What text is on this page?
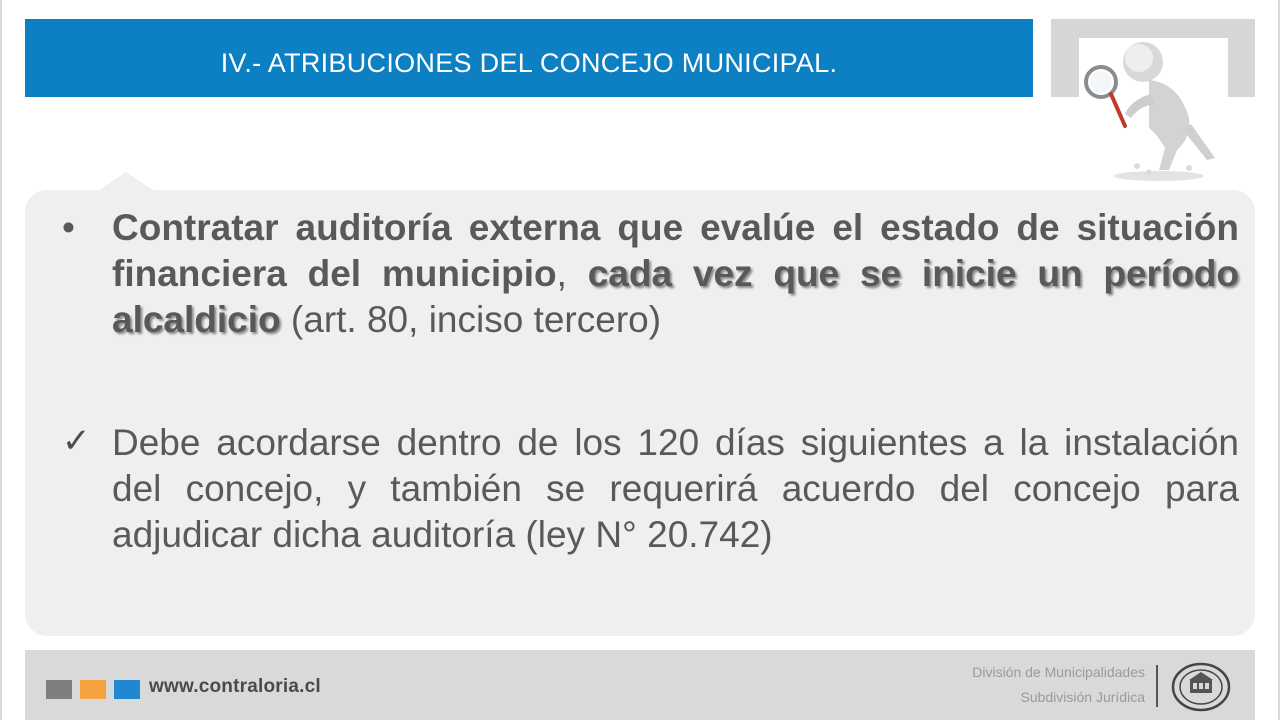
IV.- ATRIBUCIONES DEL CONCEJO MUNICIPAL.
• Contratar auditoría externa que evalúe el estado de situación financiera del municipio, cada vez que se inicie un período alcaldicio (art. 80, inciso tercero)
✓ Debe acordarse dentro de los 120 días siguientes a la instalación del concejo, y también se requerirá acuerdo del concejo para adjudicar dicha auditoría (ley N° 20.742)
www.contraloria.cl
División de Municipalidades
Subdivisión Jurídica
